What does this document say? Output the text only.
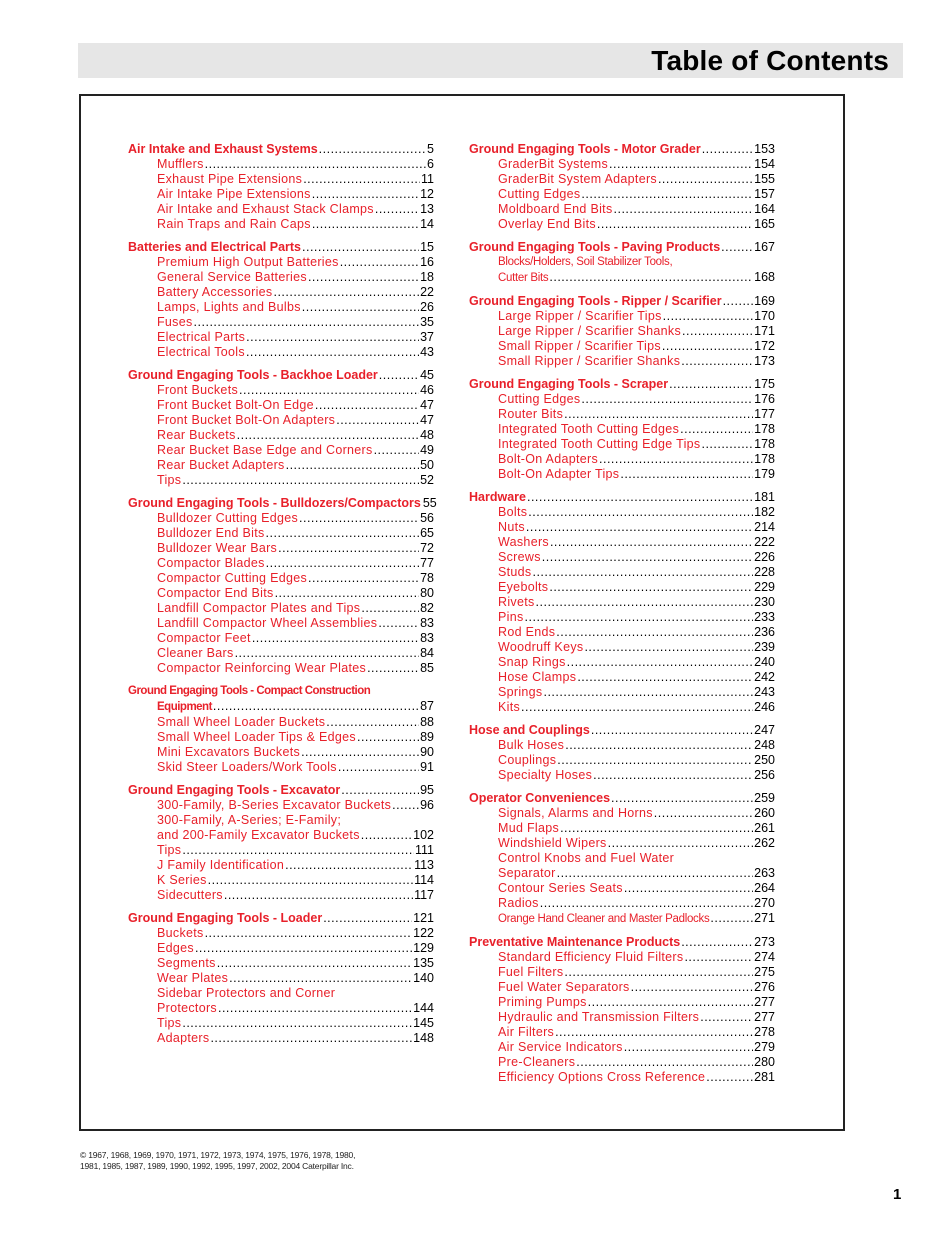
Table of Contents
Air Intake and Exhaust Systems .....	5
Mufflers .....	6
Exhaust Pipe Extensions .....	11
Air Intake Pipe Extensions .....	12
Air Intake and Exhaust Stack Clamps .....	13
Rain Traps and Rain Caps .....	14
Batteries and Electrical Parts .....	15
Premium High Output Batteries .....	16
General Service Batteries .....	18
Battery Accessories .....	22
Lamps, Lights and Bulbs .....	26
Fuses .....	35
Electrical Parts .....	37
Electrical Tools .....	43
Ground Engaging Tools - Backhoe Loader .....	45
Front Buckets .....	46
Front Bucket Bolt-On Edge .....	47
Front Bucket Bolt-On Adapters .....	47
Rear Buckets .....	48
Rear Bucket Base Edge and Corners .....	49
Rear Bucket Adapters .....	50
Tips .....	52
Ground Engaging Tools - Bulldozers/Compactors 55
Bulldozer Cutting Edges .....	56
Bulldozer End Bits .....	65
Bulldozer Wear Bars .....	72
Compactor Blades .....	77
Compactor Cutting Edges .....	78
Compactor End Bits .....	80
Landfill Compactor Plates and Tips .....	82
Landfill Compactor Wheel Assemblies .....	83
Compactor Feet .....	83
Cleaner Bars .....	84
Compactor Reinforcing Wear Plates .....	85
Ground Engaging Tools - Compact Construction
Equipment .....	87
Small Wheel Loader Buckets .....	88
Small Wheel Loader Tips & Edges .....	89
Mini Excavators Buckets .....	90
Skid Steer Loaders/Work Tools .....	91
Ground Engaging Tools - Excavator .....	95
300-Family, B-Series Excavator Buckets ..... 96
300-Family, A-Series; E-Family;
and 200-Family Excavator Buckets .....	102
Tips .....	111
J Family Identification .....	113
K Series .....	114
Sidecutters .....	117
Ground Engaging Tools - Loader .....	121
Buckets .....	122
Edges .....	129
Segments .....	135
Wear Plates .....	140
Sidebar Protectors and Corner
Protectors .....	144
Tips .....	145
Adapters .....	148
Ground Engaging Tools - Motor Grader .....	153
GraderBit Systems .....	154
GraderBit System Adapters .....	155
Cutting Edges .....	157
Moldboard End Bits .....	164
Overlay End Bits .....	165
Ground Engaging Tools - Paving Products .....	167
Blocks/Holders, Soil Stabilizer Tools,
Cutter Bits .....	168
Ground Engaging Tools - Ripper / Scarifier .....	169
Large Ripper / Scarifier Tips .....	170
Large Ripper / Scarifier Shanks .....	171
Small Ripper / Scarifier Tips .....	172
Small Ripper / Scarifier Shanks .....	173
Ground Engaging Tools - Scraper .....	175
Cutting Edges .....	176
Router Bits .....	177
Integrated Tooth Cutting Edges .....	178
Integrated Tooth Cutting Edge Tips .....	178
Bolt-On Adapters .....	178
Bolt-On Adapter Tips .....	179
Hardware .....	181
Bolts .....	182
Nuts .....	214
Washers .....	222
Screws .....	226
Studs .....	228
Eyebolts .....	229
Rivets .....	230
Pins .....	233
Rod Ends .....	236
Woodruff Keys .....	239
Snap Rings .....	240
Hose Clamps .....	242
Springs .....	243
Kits .....	246
Hose and Couplings .....	247
Bulk Hoses .....	248
Couplings .....	250
Specialty Hoses .....	256
Operator Conveniences .....	259
Signals, Alarms and Horns .....	260
Mud Flaps .....	261
Windshield Wipers .....	262
Control Knobs and Fuel Water
Separator .....	263
Contour Series Seats .....	264
Radios .....	270
Orange Hand Cleaner and Master Padlocks .....	271
Preventative Maintenance Products .....	273
Standard Efficiency Fluid Filters .....	274
Fuel Filters .....	275
Fuel Water Separators .....	276
Priming Pumps .....	277
Hydraulic and Transmission Filters .....	277
Air Filters .....	278
Air Service Indicators .....	279
Pre-Cleaners .....	280
Efficiency Options Cross Reference .....	281
© 1967, 1968, 1969, 1970, 1971, 1972, 1973, 1974, 1975, 1976, 1978, 1980,
1981, 1985, 1987, 1989, 1990, 1992, 1995, 1997, 2002, 2004 Caterpillar Inc.
1
